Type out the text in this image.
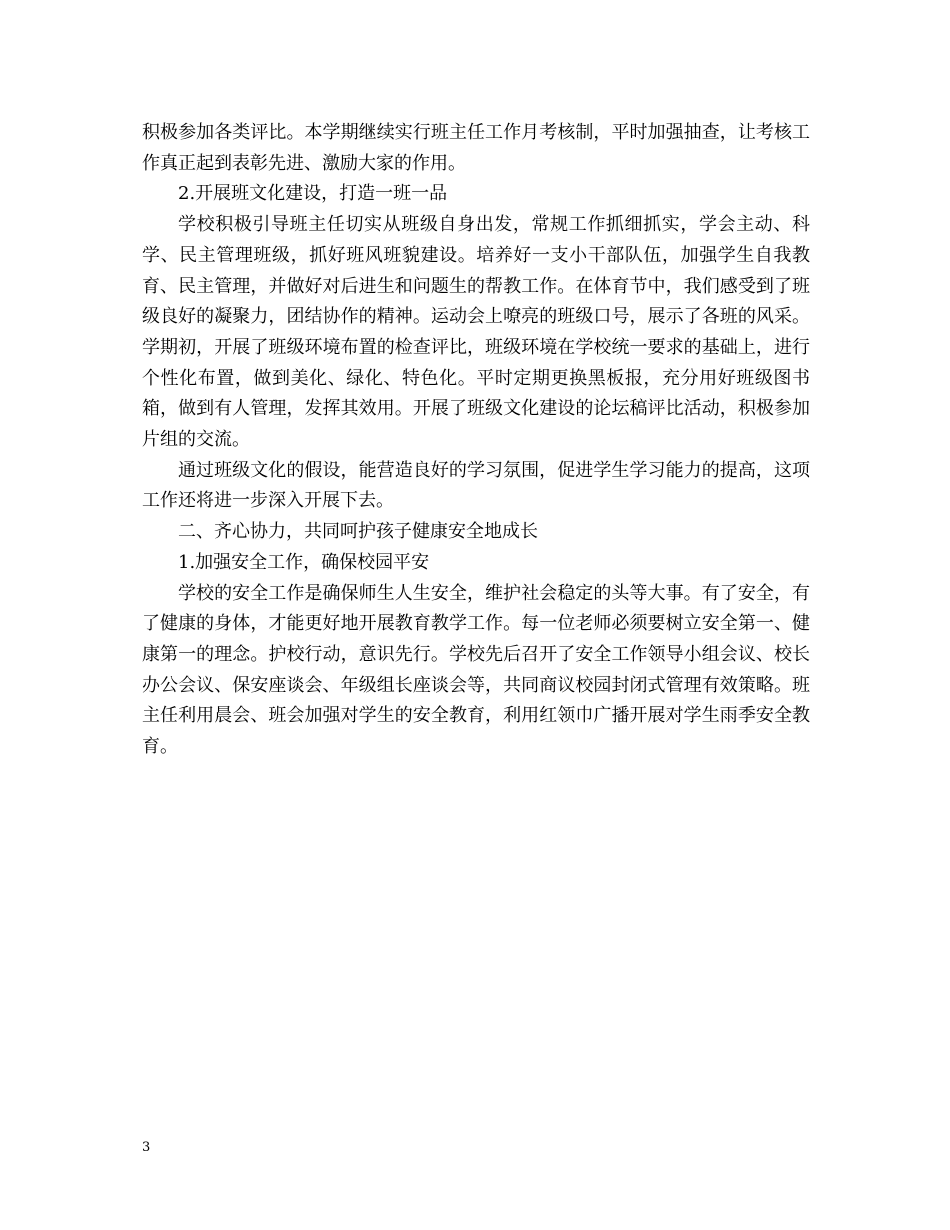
积极参加各类评比。本学期继续实行班主任工作月考核制，平时加强抽查，让考核工作真正起到表彰先进、激励大家的作用。

2.开展班文化建设，打造一班一品

学校积极引导班主任切实从班级自身出发，常规工作抓细抓实，学会主动、科学、民主管理班级，抓好班风班貌建设。培养好一支小干部队伍，加强学生自我教育、民主管理，并做好对后进生和问题生的帮教工作。在体育节中，我们感受到了班级良好的凝聚力，团结协作的精神。运动会上嘹亮的班级口号，展示了各班的风采。学期初，开展了班级环境布置的检查评比，班级环境在学校统一要求的基础上，进行个性化布置，做到美化、绿化、特色化。平时定期更换黑板报，充分用好班级图书箱，做到有人管理，发挥其效用。开展了班级文化建设的论坛稿评比活动，积极参加片组的交流。

通过班级文化的假设，能营造良好的学习氛围，促进学生学习能力的提高，这项工作还将进一步深入开展下去。

二、齐心协力，共同呵护孩子健康安全地成长

1.加强安全工作，确保校园平安

学校的安全工作是确保师生人生安全，维护社会稳定的头等大事。有了安全，有了健康的身体，才能更好地开展教育教学工作。每一位老师必须要树立安全第一、健康第一的理念。护校行动，意识先行。学校先后召开了安全工作领导小组会议、校长办公会议、保安座谈会、年级组长座谈会等，共同商议校园封闭式管理有效策略。班主任利用晨会、班会加强对学生的安全教育，利用红领巾广播开展对学生雨季安全教育。

3
